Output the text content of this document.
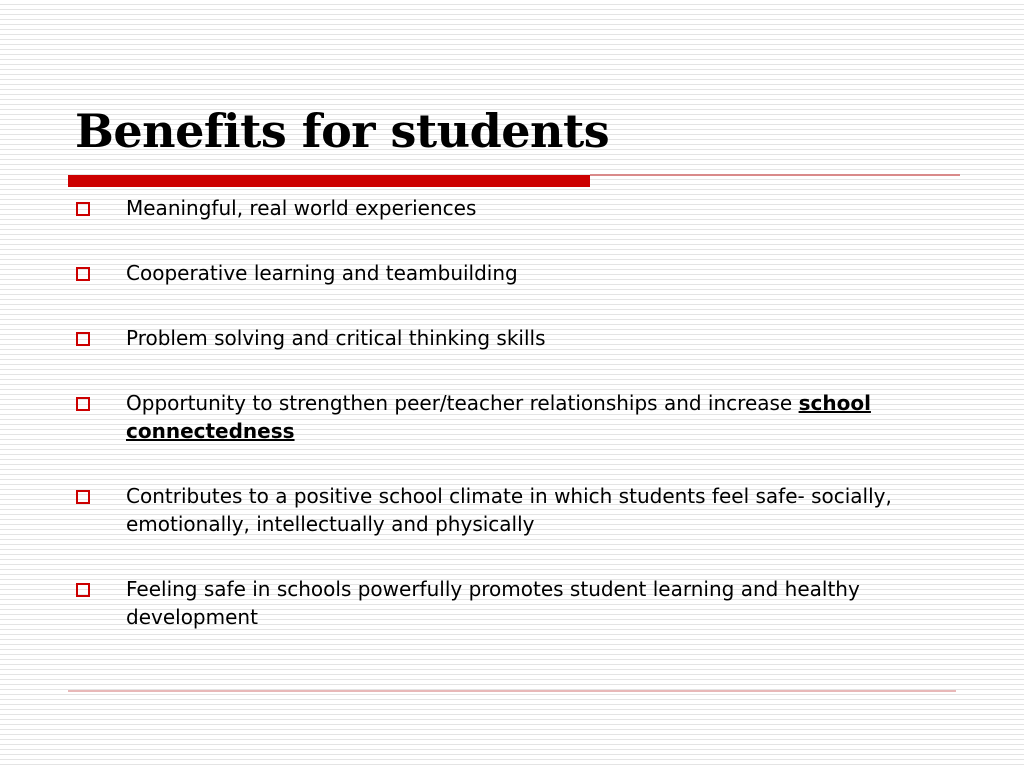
Benefits for students
Meaningful, real world experiences
Cooperative learning and teambuilding
Problem solving and critical thinking skills
Opportunity to strengthen peer/teacher relationships and increase school connectedness
Contributes to a positive school climate in which students feel safe- socially, emotionally, intellectually and physically
Feeling safe in schools powerfully promotes student learning and healthy development
